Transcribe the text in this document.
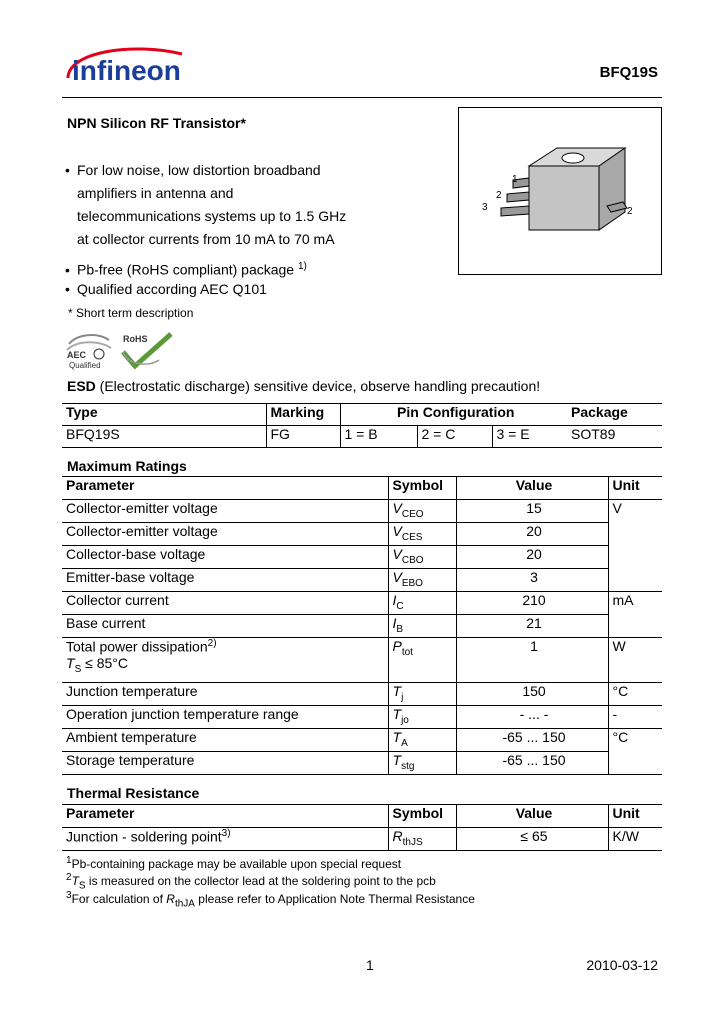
infineon	BFQ19S
NPN Silicon RF Transistor*
1
2
3	2
• For low noise, low distortion broadband
amplifiers in antenna and
telecommunications systems up to 1.5 GHz
at collector currents from 10 mA to 70 mA
• Pb-free (RoHS compliant) package $^{1)}$
• Qualified according AEC Q101
* Short term description
AEC
Qualified
RoHS
ESD (Electrostatic discharge) sensitive device, observe handling precaution!
Type	Marking	Pin Configuration			Package
BFQ19S	FG	1 = B	2 = C	3 = E	SOT89
Maximum Ratings
Parameter	Symbol	Value	Unit
Collector-emitter voltage	$V_{CEO}$	15	V
Collector-emitter voltage	$V_{CES}$	20	
Collector-base voltage	$V_{CBO}$	20	
Emitter-base voltage	$V_{EBO}$	3	
Collector current	$I_C$	210	mA
Base current	$I_B$	21	
Total power dissipation$^{2)}$
$T_S \le 85^\circ C$	$P_{tot}$	1	W
Junction temperature	$T_j$	150	°C
Operation junction temperature range	$T_{jo}$	- ... -	-
Ambient temperature	$T_A$	-65 ... 150	°C
Storage temperature	$T_{stg}$	-65 ... 150	
Thermal Resistance
Parameter	Symbol	Value	Unit
Junction - soldering point$^{3)}$	$R_{thJS}$	≤ 65	K/W
$^1$Pb-containing package may be available upon special request
$^2T_S$ is measured on the collector lead at the soldering point to the pcb
$^3$For calculation of $R_{thJA}$ please refer to Application Note Thermal Resistance
1	2010-03-12
